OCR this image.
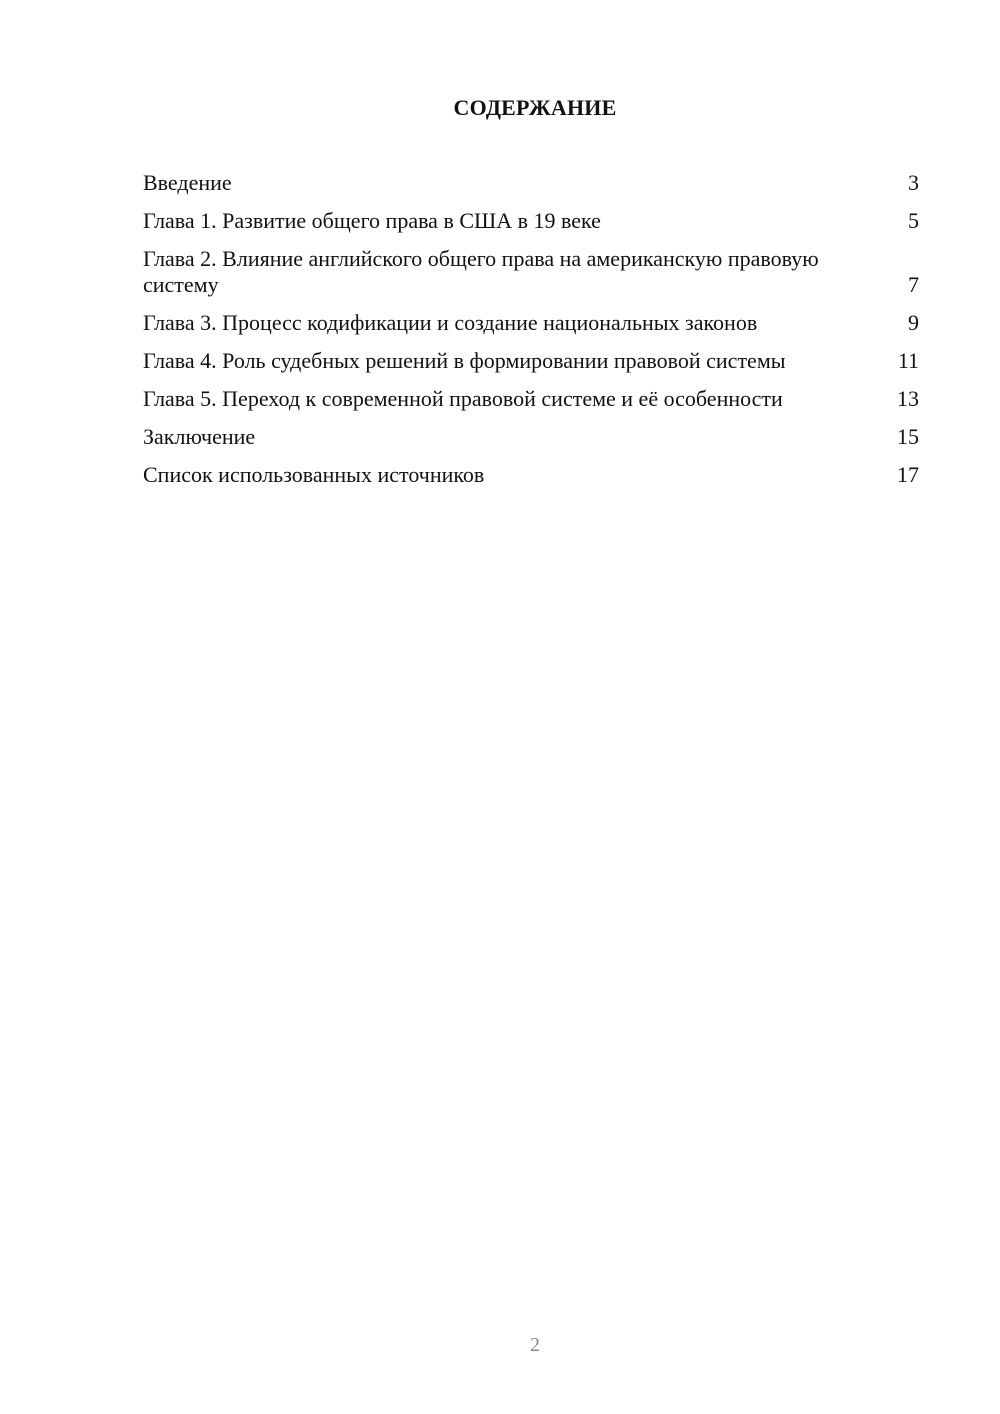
СОДЕРЖАНИЕ
Введение	3
Глава 1. Развитие общего права в США в 19 веке	5
Глава 2. Влияние английского общего права на американскую правовую систему	7
Глава 3. Процесс кодификации и создание национальных законов	9
Глава 4. Роль судебных решений в формировании правовой системы	11
Глава 5. Переход к современной правовой системе и её особенности	13
Заключение	15
Список использованных источников	17
2
